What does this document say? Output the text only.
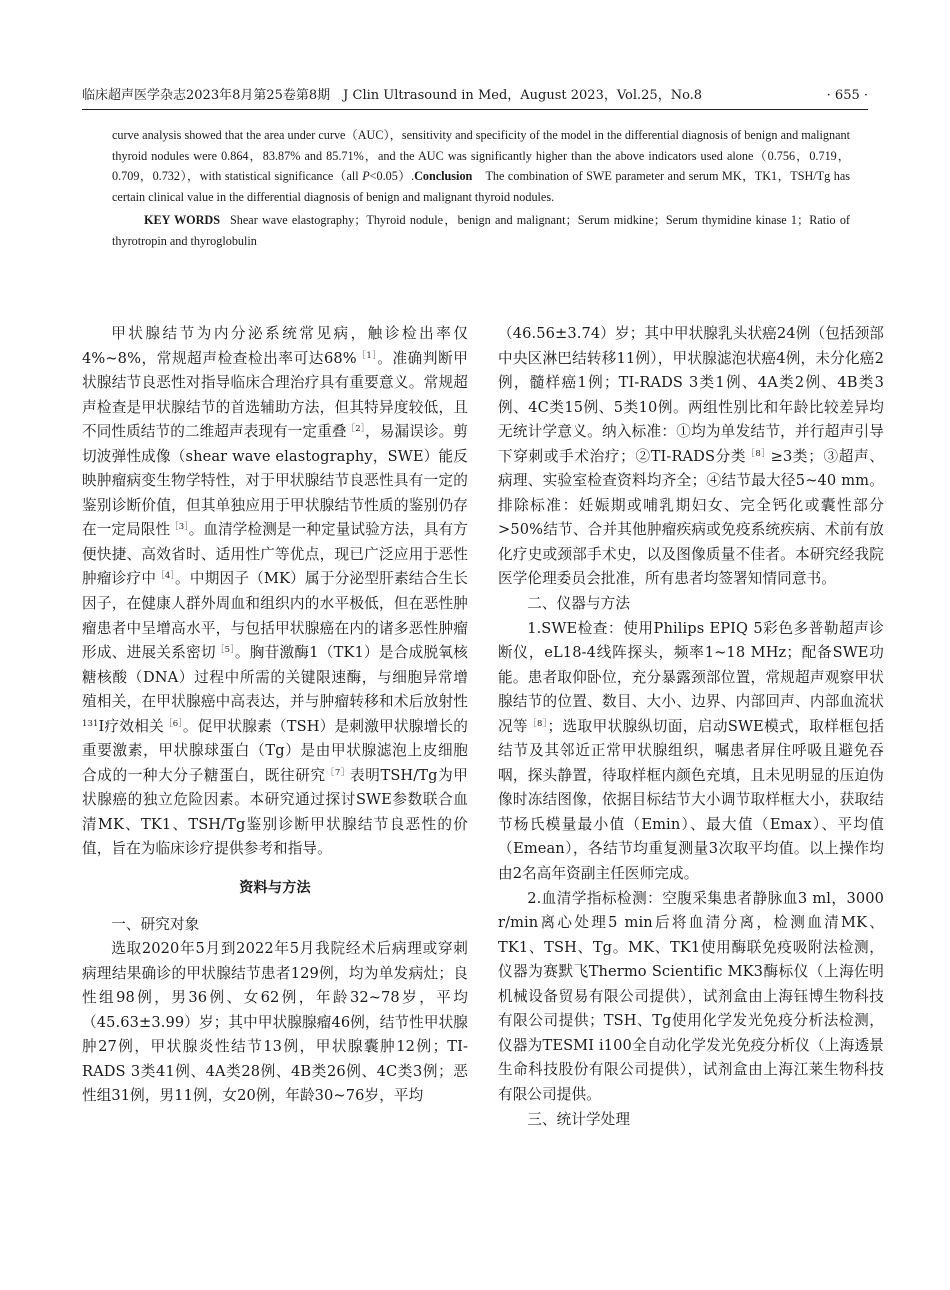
临床超声医学杂志2023年8月第25卷第8期　J Clin Ultrasound in Med，August 2023，Vol.25，No.8	· 655 ·

curve analysis showed that the area under curve（AUC），sensitivity and specificity of the model in the differential diagnosis of benign and malignant thyroid nodules were 0.864，83.87% and 85.71%，and the AUC was significantly higher than the above indicators used alone（0.756，0.719，0.709，0.732），with statistical significance（all P<0.05）.Conclusion　The combination of SWE parameter and serum MK，TK1，TSH/Tg has certain clinical value in the differential diagnosis of benign and malignant thyroid nodules.

KEY WORDS Shear wave elastography；Thyroid nodule，benign and malignant；Serum midkine；Serum thymidine kinase 1；Ratio of thyrotropin and thyroglobulin

甲状腺结节为内分泌系统常见病，触诊检出率仅4%~8%，常规超声检查检出率可达68%$^{[1]}$。准确判断甲状腺结节良恶性对指导临床合理治疗具有重要意义。常规超声检查是甲状腺结节的首选辅助方法，但其特异度较低，且不同性质结节的二维超声表现有一定重叠$^{[2]}$，易漏误诊。剪切波弹性成像（shear wave elastography，SWE）能反映肿瘤病变生物学特性，对于甲状腺结节良恶性具有一定的鉴别诊断价值，但其单独应用于甲状腺结节性质的鉴别仍存在一定局限性$^{[3]}$。血清学检测是一种定量试验方法，具有方便快捷、高效省时、适用性广等优点，现已广泛应用于恶性肿瘤诊疗中$^{[4]}$。中期因子（MK）属于分泌型肝素结合生长因子，在健康人群外周血和组织内的水平极低，但在恶性肿瘤患者中呈增高水平，与包括甲状腺癌在内的诸多恶性肿瘤形成、进展关系密切$^{[5]}$。胸苷激酶1（TK1）是合成脱氧核糖核酸（DNA）过程中所需的关键限速酶，与细胞异常增殖相关，在甲状腺癌中高表达，并与肿瘤转移和术后放射性$^{131}$I疗效相关$^{[6]}$。促甲状腺素（TSH）是刺激甲状腺增长的重要激素，甲状腺球蛋白（Tg）是由甲状腺滤泡上皮细胞合成的一种大分子糖蛋白，既往研究$^{[7]}$表明TSH/Tg为甲状腺癌的独立危险因素。本研究通过探讨SWE参数联合血清MK、TK1、TSH/Tg鉴别诊断甲状腺结节良恶性的价值，旨在为临床诊疗提供参考和指导。

资料与方法

一、研究对象

选取2020年5月到2022年5月我院经术后病理或穿刺病理结果确诊的甲状腺结节患者129例，均为单发病灶；良性组98例，男36例、女62例，年龄32~78岁，平均（45.63±3.99）岁；其中甲状腺腺瘤46例，结节性甲状腺肿27例，甲状腺炎性结节13例，甲状腺囊肿12例；TI-RADS 3类41例、4A类28例、4B类26例、4C类3例；恶性组31例，男11例，女20例，年龄30~76岁，平均

（46.56±3.74）岁；其中甲状腺乳头状癌24例（包括颈部中央区淋巴结转移11例），甲状腺滤泡状癌4例，未分化癌2例，髓样癌1例；TI-RADS 3类1例、4A类2例、4B类3例、4C类15例、5类10例。两组性别比和年龄比较差异均无统计学意义。纳入标准：①均为单发结节，并行超声引导下穿刺或手术治疗；②TI-RADS分类$^{[8]}$≥3类；③超声、病理、实验室检查资料均齐全；④结节最大径5~40 mm。排除标准：妊娠期或哺乳期妇女、完全钙化或囊性部分>50%结节、合并其他肿瘤疾病或免疫系统疾病、术前有放化疗史或颈部手术史，以及图像质量不佳者。本研究经我院医学伦理委员会批准，所有患者均签署知情同意书。

二、仪器与方法

1.SWE检查：使用Philips EPIQ 5彩色多普勒超声诊断仪，eL18-4线阵探头，频率1~18 MHz；配备SWE功能。患者取仰卧位，充分暴露颈部位置，常规超声观察甲状腺结节的位置、数目、大小、边界、内部回声、内部血流状况等$^{[8]}$；选取甲状腺纵切面，启动SWE模式，取样框包括结节及其邻近正常甲状腺组织，嘱患者屏住呼吸且避免吞咽，探头静置，待取样框内颜色充填，且未见明显的压迫伪像时冻结图像，依据目标结节大小调节取样框大小，获取结节杨氏模量最小值（Emin）、最大值（Emax）、平均值（Emean），各结节均重复测量3次取平均值。以上操作均由2名高年资副主任医师完成。

2.血清学指标检测：空腹采集患者静脉血3 ml，3000 r/min离心处理5 min后将血清分离，检测血清MK、TK1、TSH、Tg。MK、TK1使用酶联免疫吸附法检测，仪器为赛默飞Thermo Scientific MK3酶标仪（上海佐明机械设备贸易有限公司提供），试剂盒由上海钰博生物科技有限公司提供；TSH、Tg使用化学发光免疫分析法检测，仪器为TESMI i100全自动化学发光免疫分析仪（上海透景生命科技股份有限公司提供），试剂盒由上海江莱生物科技有限公司提供。

三、统计学处理
